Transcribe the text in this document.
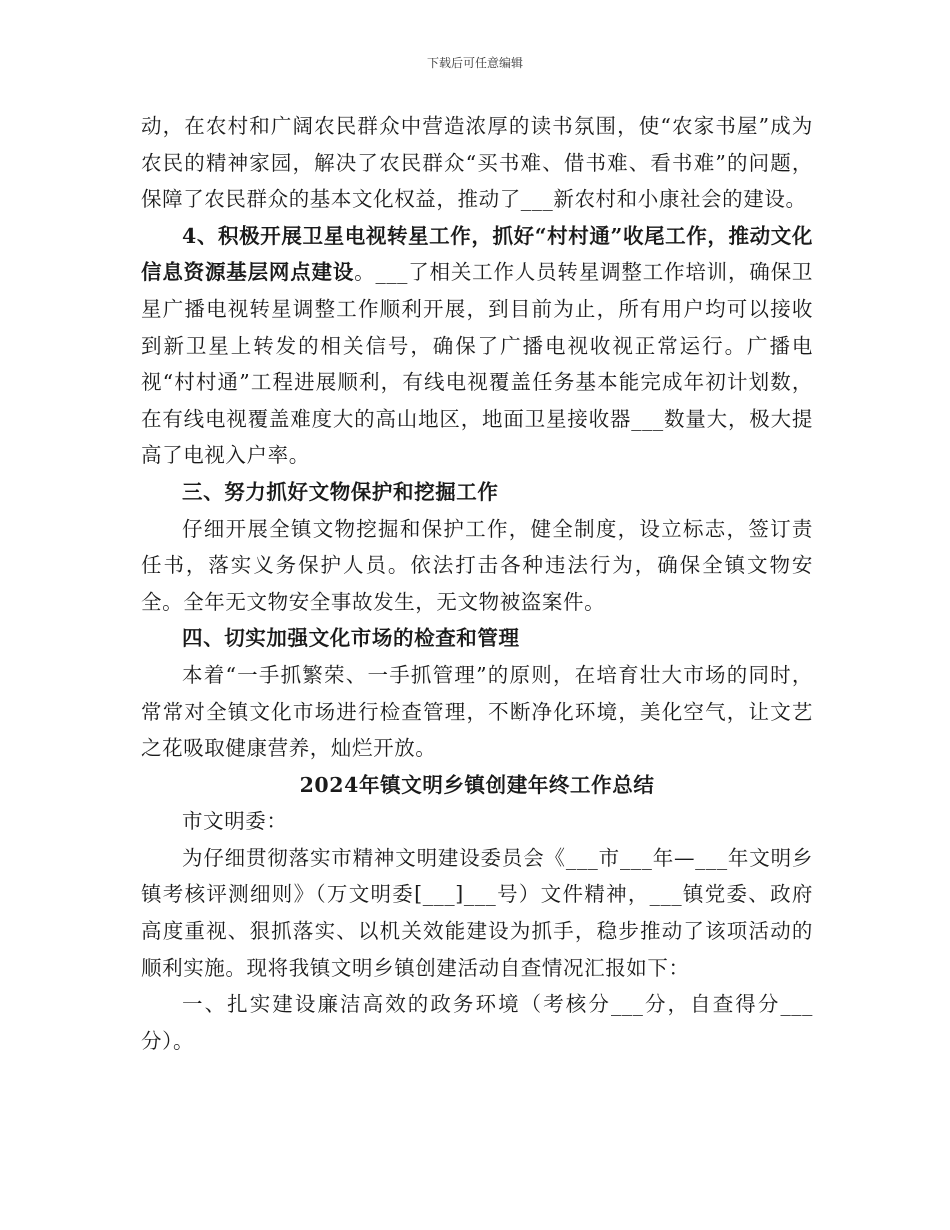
下载后可任意编辑

动，在农村和广阔农民群众中营造浓厚的读书氛围，使“农家书屋”成为农民的精神家园，解决了农民群众“买书难、借书难、看书难”的问题，保障了农民群众的基本文化权益，推动了___新农村和小康社会的建设。

4、积极开展卫星电视转星工作，抓好“村村通”收尾工作，推动文化信息资源基层网点建设。___了相关工作人员转星调整工作培训，确保卫星广播电视转星调整工作顺利开展，到目前为止，所有用户均可以接收到新卫星上转发的相关信号，确保了广播电视收视正常运行。广播电视“村村通”工程进展顺利，有线电视覆盖任务基本能完成年初计划数，在有线电视覆盖难度大的高山地区，地面卫星接收器___数量大，极大提高了电视入户率。

三、努力抓好文物保护和挖掘工作

仔细开展全镇文物挖掘和保护工作，健全制度，设立标志，签订责任书，落实义务保护人员。依法打击各种违法行为，确保全镇文物安全。全年无文物安全事故发生，无文物被盗案件。

四、切实加强文化市场的检查和管理

本着“一手抓繁荣、一手抓管理”的原则，在培育壮大市场的同时，常常对全镇文化市场进行检查管理，不断净化环境，美化空气，让文艺之花吸取健康营养，灿烂开放。

2024年镇文明乡镇创建年终工作总结

市文明委：

为仔细贯彻落实市精神文明建设委员会《___市___年—___年文明乡镇考核评测细则》（万文明委[___]___号）文件精神，___镇党委、政府高度重视、狠抓落实、以机关效能建设为抓手，稳步推动了该项活动的顺利实施。现将我镇文明乡镇创建活动自查情况汇报如下：

一、扎实建设廉洁高效的政务环境（考核分___分，自查得分___分）。
